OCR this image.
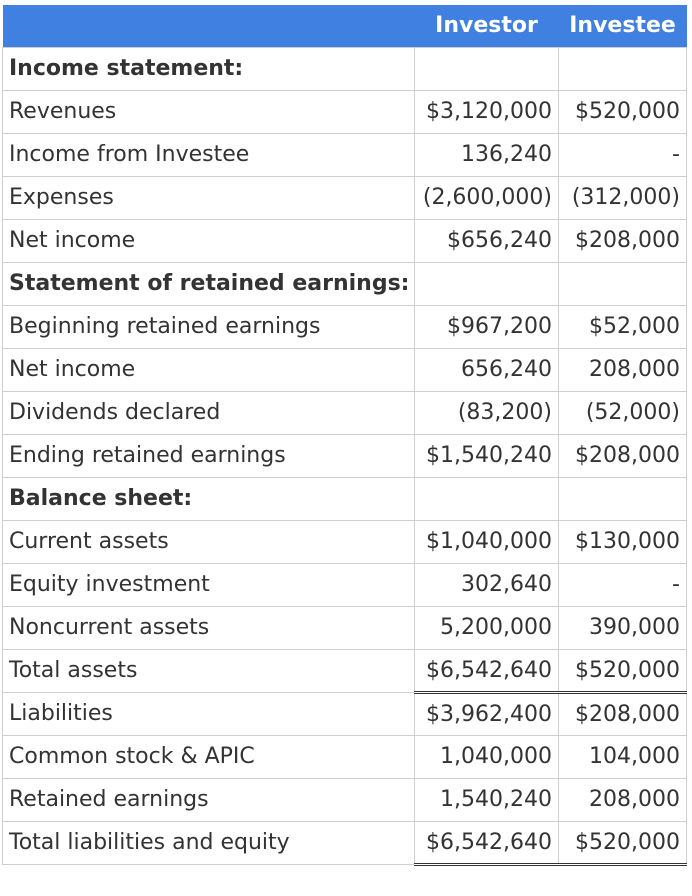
	Investor	Investee
Income statement:		
Revenues	$3,120,000	$520,000
Income from Investee	136,240	-
Expenses	(2,600,000)	(312,000)
Net income	$656,240	$208,000
Statement of retained earnings:		
Beginning retained earnings	$967,200	$52,000
Net income	656,240	208,000
Dividends declared	(83,200)	(52,000)
Ending retained earnings	$1,540,240	$208,000
Balance sheet:		
Current assets	$1,040,000	$130,000
Equity investment	302,640	-
Noncurrent assets	5,200,000	390,000
Total assets	$6,542,640	$520,000
Liabilities	$3,962,400	$208,000
Common stock & APIC	1,040,000	104,000
Retained earnings	1,540,240	208,000
Total liabilities and equity	$6,542,640	$520,000
